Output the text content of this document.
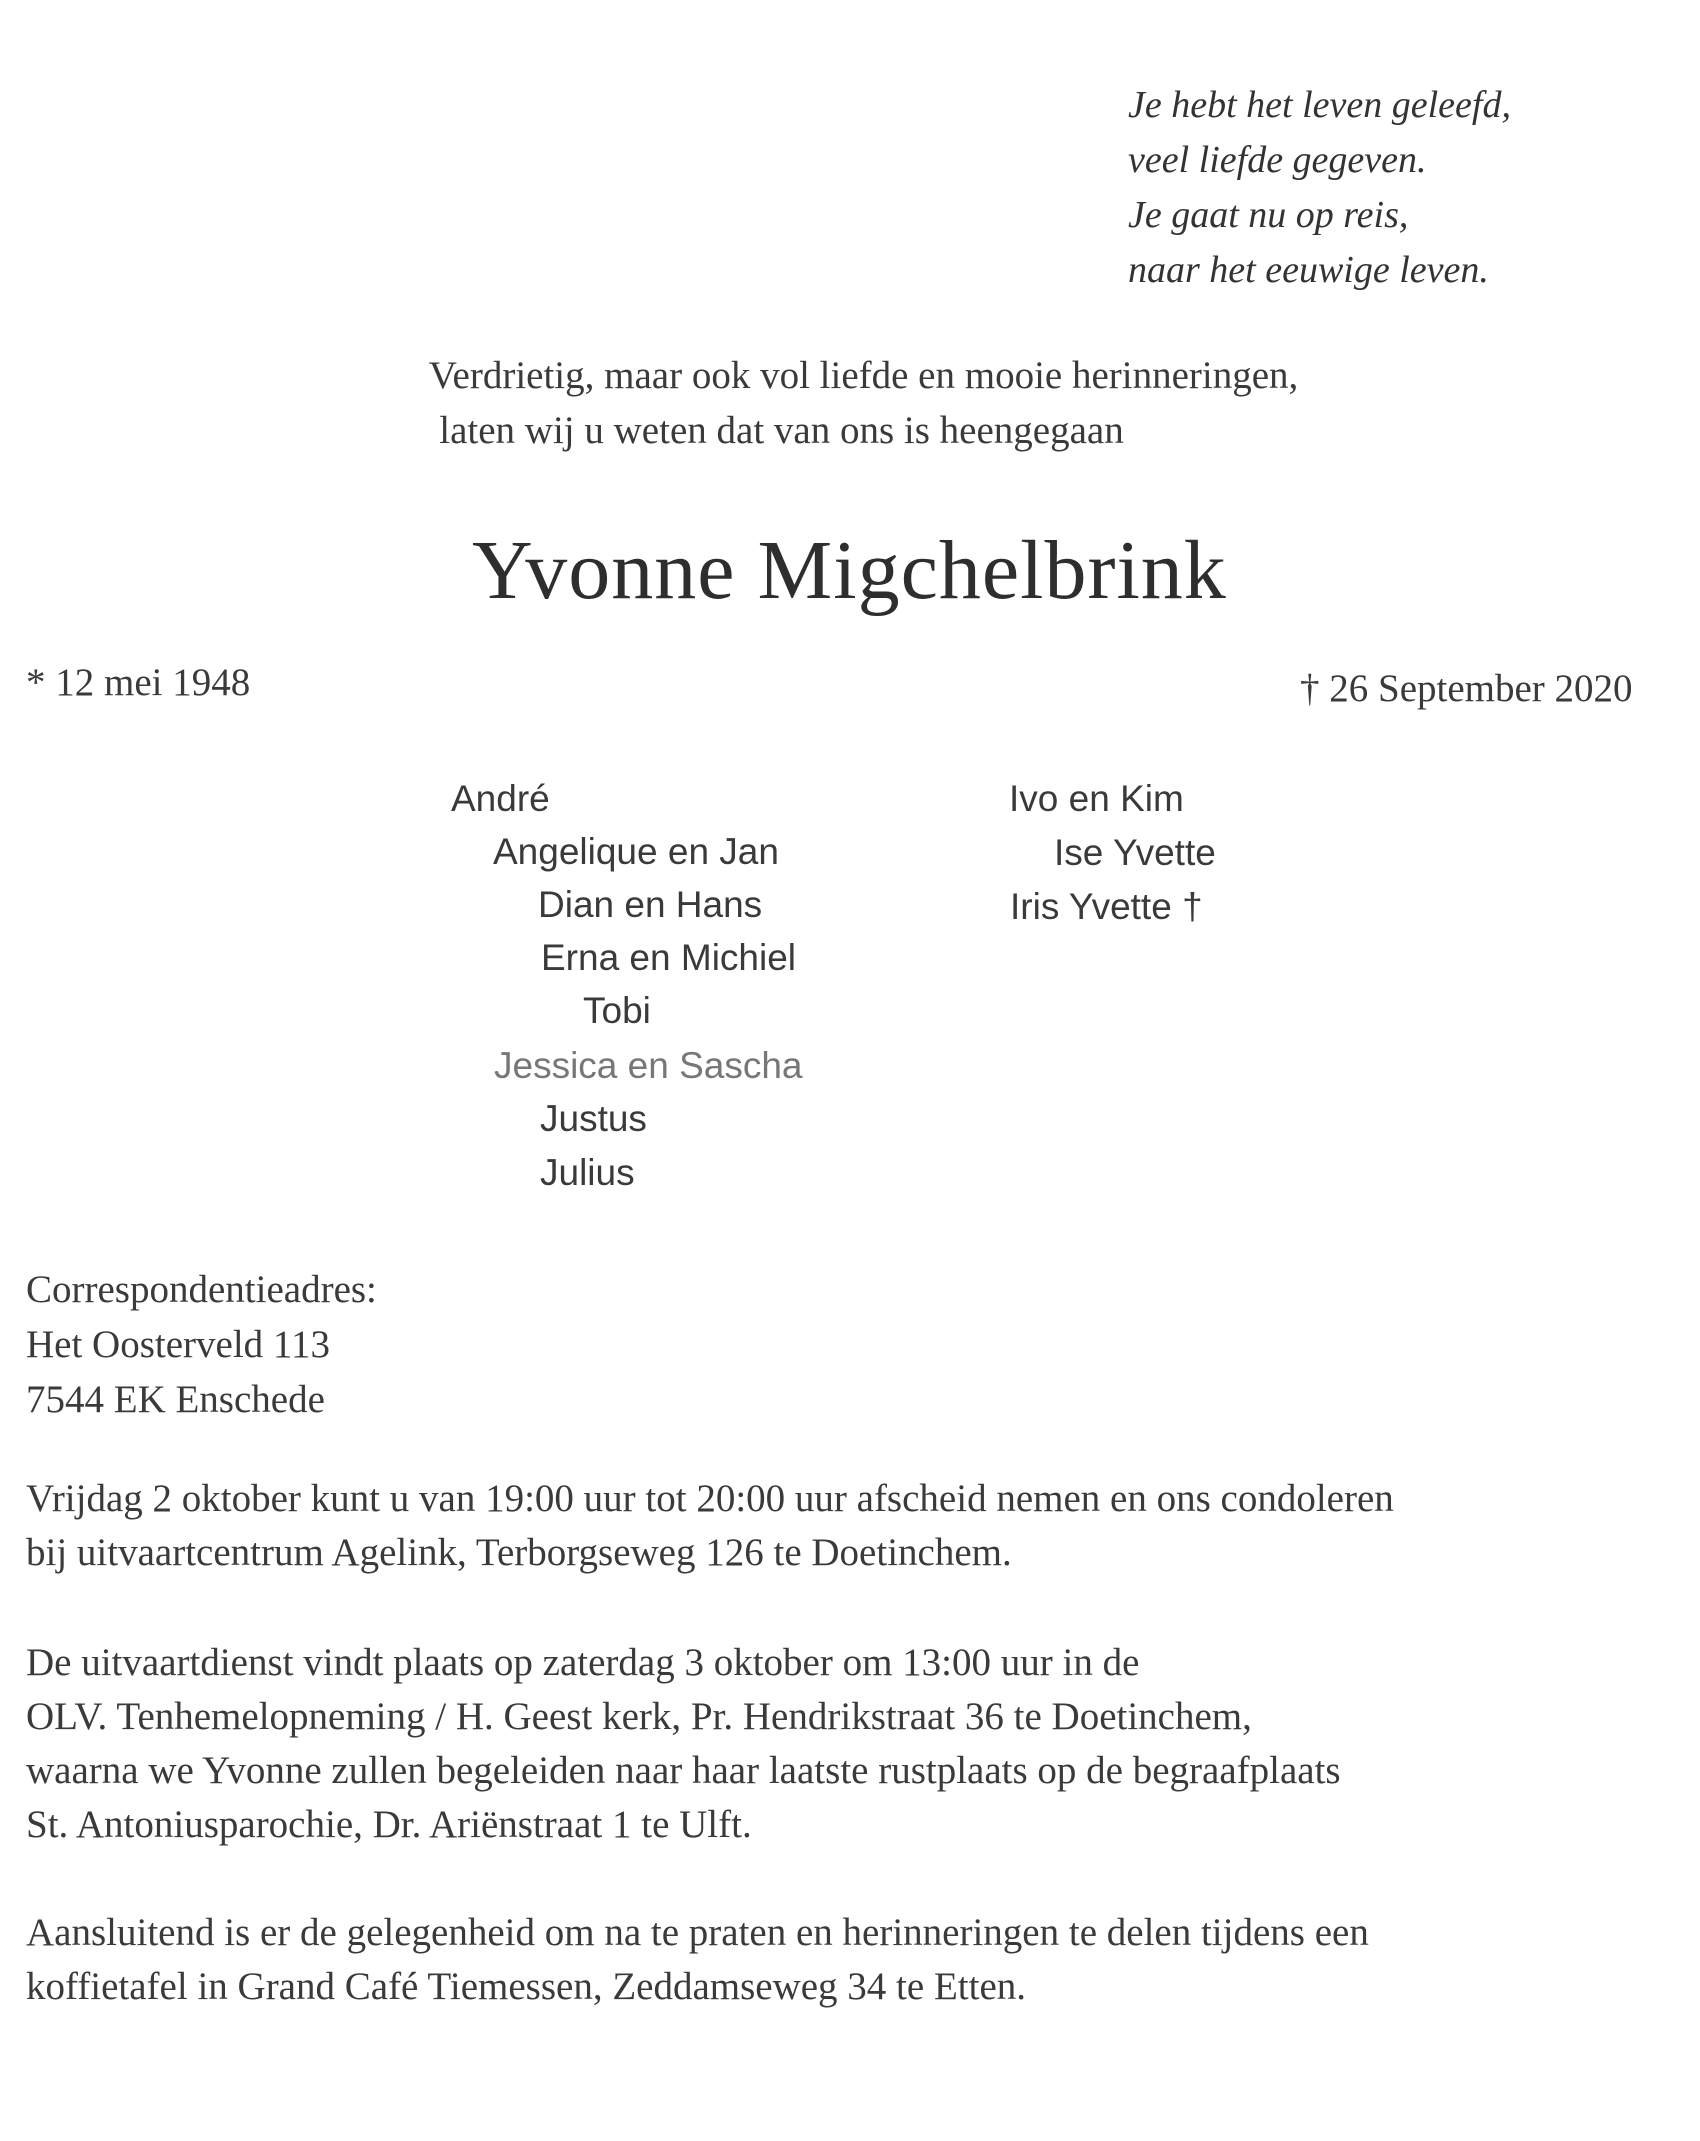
Je hebt het leven geleefd,
veel liefde gegeven.
Je gaat nu op reis,
naar het eeuwige leven.
Verdrietig, maar ook vol liefde en mooie herinneringen,
laten wij u weten dat van ons is heengegaan
Yvonne Migchelbrink
* 12 mei 1948	† 26 September 2020
André
Angelique en Jan
Dian en Hans
Erna en Michiel
Tobi
Jessica en Sascha
Justus
Julius
Ivo en Kim
Ise Yvette
Iris Yvette †
Correspondentieadres:
Het Oosterveld 113
7544 EK Enschede
Vrijdag 2 oktober kunt u van 19:00 uur tot 20:00 uur afscheid nemen en ons condoleren
bij uitvaartcentrum Agelink, Terborgseweg 126 te Doetinchem.
De uitvaartdienst vindt plaats op zaterdag 3 oktober om 13:00 uur in de
OLV. Tenhemelopneming / H. Geest kerk, Pr. Hendrikstraat 36 te Doetinchem,
waarna we Yvonne zullen begeleiden naar haar laatste rustplaats op de begraafplaats
St. Antoniusparochie, Dr. Ariënstraat 1 te Ulft.
Aansluitend is er de gelegenheid om na te praten en herinneringen te delen tijdens een
koffietafel in Grand Café Tiemessen, Zeddamseweg 34 te Etten.
